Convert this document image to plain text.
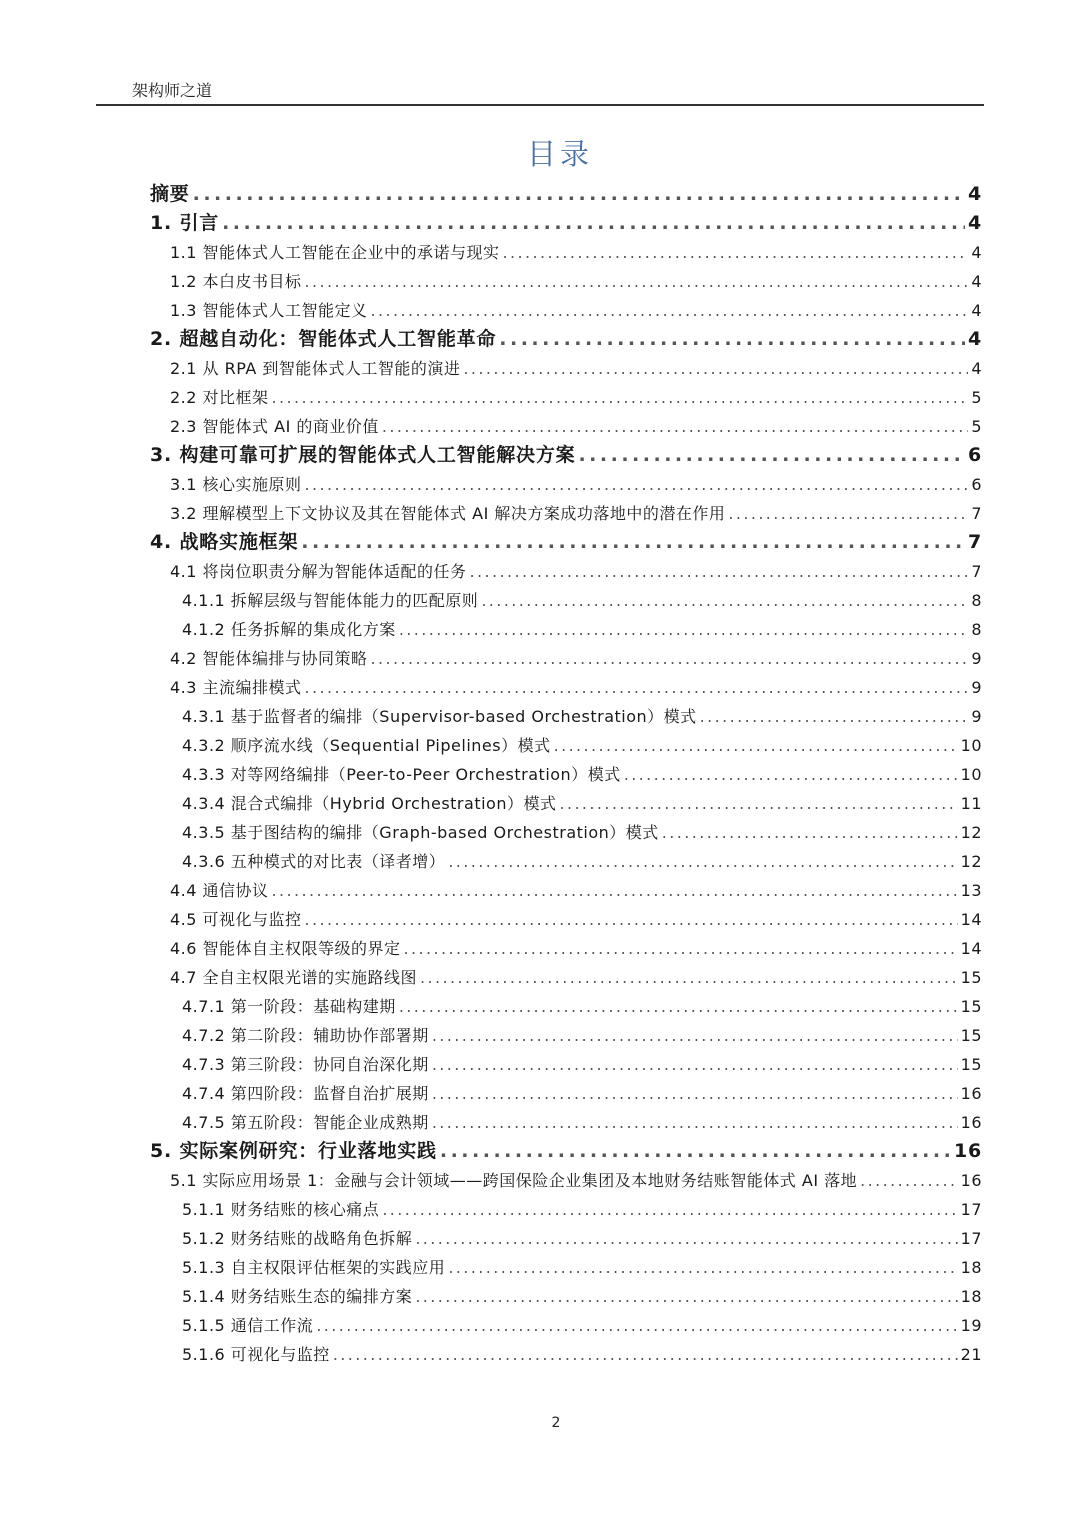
架构师之道
目录
摘要 .....	4
1. 引言 .....	4
1.1 智能体式人工智能在企业中的承诺与现实 .....	4
1.2 本白皮书目标 .....	4
1.3 智能体式人工智能定义 .....	4
2. 超越自动化：智能体式人工智能革命 .....	4
2.1 从 RPA 到智能体式人工智能的演进 .....	4
2.2 对比框架 .....	5
2.3 智能体式 AI 的商业价值 .....	5
3. 构建可靠可扩展的智能体式人工智能解决方案 .....	6
3.1 核心实施原则 .....	6
3.2 理解模型上下文协议及其在智能体式 AI 解决方案成功落地中的潜在作用 .....	7
4. 战略实施框架 .....	7
4.1 将岗位职责分解为智能体适配的任务 .....	7
4.1.1 拆解层级与智能体能力的匹配原则 .....	8
4.1.2 任务拆解的集成化方案 .....	8
4.2 智能体编排与协同策略 .....	9
4.3 主流编排模式 .....	9
4.3.1 基于监督者的编排（Supervisor-based Orchestration）模式 .....	9
4.3.2 顺序流水线（Sequential Pipelines）模式 .....	10
4.3.3 对等网络编排（Peer-to-Peer Orchestration）模式 .....	10
4.3.4 混合式编排（Hybrid Orchestration）模式 .....	11
4.3.5 基于图结构的编排（Graph-based Orchestration）模式 .....	12
4.3.6 五种模式的对比表（译者增） .....	12
4.4 通信协议 .....	13
4.5 可视化与监控 .....	14
4.6 智能体自主权限等级的界定 .....	14
4.7 全自主权限光谱的实施路线图 .....	15
4.7.1 第一阶段：基础构建期 .....	15
4.7.2 第二阶段：辅助协作部署期 .....	15
4.7.3 第三阶段：协同自治深化期 .....	15
4.7.4 第四阶段：监督自治扩展期 .....	16
4.7.5 第五阶段：智能企业成熟期 .....	16
5. 实际案例研究：行业落地实践 .....	16
5.1 实际应用场景 1：金融与会计领域——跨国保险企业集团及本地财务结账智能体式 AI 落地 .....	16
5.1.1 财务结账的核心痛点 .....	17
5.1.2 财务结账的战略角色拆解 .....	17
5.1.3 自主权限评估框架的实践应用 .....	18
5.1.4 财务结账生态的编排方案 .....	18
5.1.5 通信工作流 .....	19
5.1.6 可视化与监控 .....	21
2
